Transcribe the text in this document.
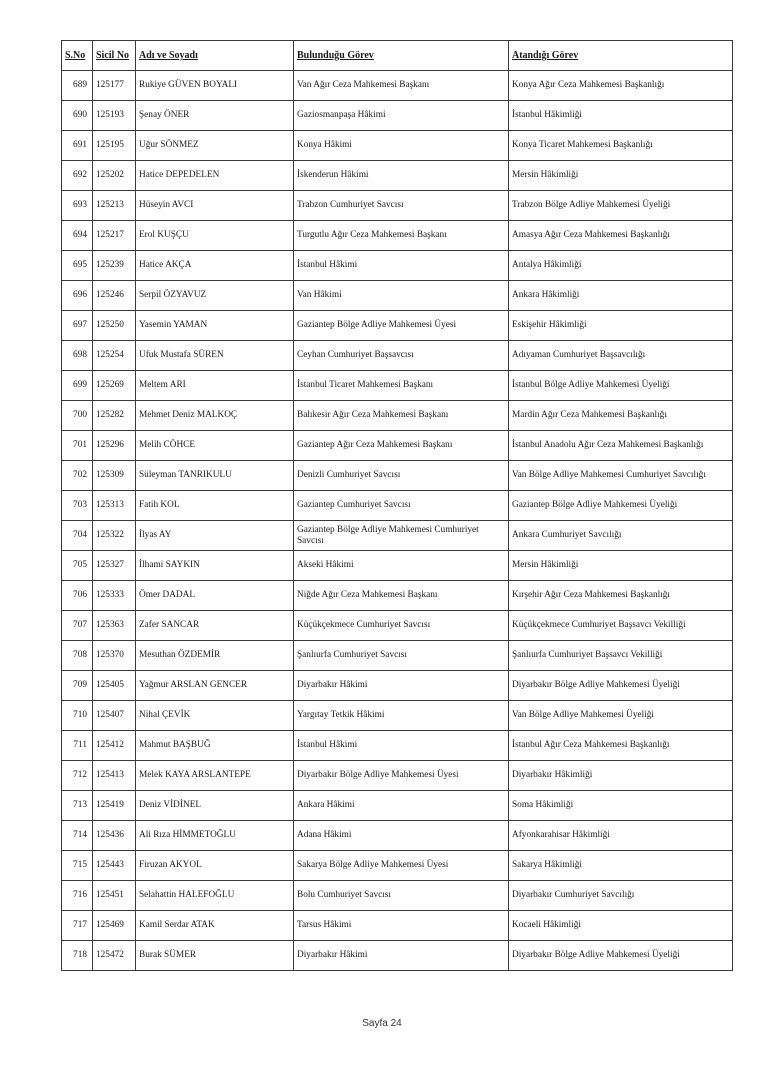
S.No	Sicil No	Adı ve Soyadı	Bulunduğu Görev	Atandığı Görev
689	125177	Rukiye GÜVEN BOYALI	Van Ağır Ceza Mahkemesi Başkanı	Konya Ağır Ceza Mahkemesi Başkanlığı
690	125193	Şenay ÖNER	Gaziosmanpaşa Hâkimi	İstanbul Hâkimliği
691	125195	Uğur SÖNMEZ	Konya Hâkimi	Konya Ticaret Mahkemesi Başkanlığı
692	125202	Hatice DEPEDELEN	İskenderun Hâkimi	Mersin Hâkimliği
693	125213	Hüseyin AVCI	Trabzon Cumhuriyet Savcısı	Trabzon Bölge Adliye Mahkemesi Üyeliği
694	125217	Erol KUŞÇU	Turgutlu Ağır Ceza Mahkemesi Başkanı	Amasya Ağır Ceza Mahkemesi Başkanlığı
695	125239	Hatice AKÇA	İstanbul Hâkimi	Antalya Hâkimliği
696	125246	Serpil ÖZYAVUZ	Van Hâkimi	Ankara Hâkimliği
697	125250	Yasemin YAMAN	Gaziantep Bölge Adliye Mahkemesi Üyesi	Eskişehir Hâkimliği
698	125254	Ufuk Mustafa SÜREN	Ceyhan Cumhuriyet Başsavcısı	Adıyaman Cumhuriyet Başsavcılığı
699	125269	Meltem ARI	İstanbul Ticaret Mahkemesi Başkanı	İstanbul Bölge Adliye Mahkemesi Üyeliği
700	125282	Mehmet Deniz MALKOÇ	Balıkesir Ağır Ceza Mahkemesi Başkanı	Mardin Ağır Ceza Mahkemesi Başkanlığı
701	125296	Melih CÖHCE	Gaziantep Ağır Ceza Mahkemesi Başkanı	İstanbul Anadolu Ağır Ceza Mahkemesi Başkanlığı
702	125309	Süleyman TANRIKULU	Denizli Cumhuriyet Savcısı	Van Bölge Adliye Mahkemesi Cumhuriyet Savcılığı
703	125313	Fatih KOL	Gaziantep Cumhuriyet Savcısı	Gaziantep Bölge Adliye Mahkemesi Üyeliği
704	125322	İlyas AY	Gaziantep Bölge Adliye Mahkemesi Cumhuriyet Savcısı	Ankara Cumhuriyet Savcılığı
705	125327	İlhami SAYKIN	Akseki Hâkimi	Mersin Hâkimliği
706	125333	Ömer DADAL	Niğde Ağır Ceza Mahkemesi Başkanı	Kırşehir Ağır Ceza Mahkemesi Başkanlığı
707	125363	Zafer SANCAR	Küçükçekmece Cumhuriyet Savcısı	Küçükçekmece Cumhuriyet Başsavcı Vekilliği
708	125370	Mesuthan ÖZDEMİR	Şanlıurfa Cumhuriyet Savcısı	Şanlıurfa Cumhuriyet Başsavcı Vekilliği
709	125405	Yağmur ARSLAN GENCER	Diyarbakır Hâkimi	Diyarbakır Bölge Adliye Mahkemesi Üyeliği
710	125407	Nihal ÇEVİK	Yargıtay Tetkik Hâkimi	Van Bölge Adliye Mahkemesi Üyeliği
711	125412	Mahmut BAŞBUĞ	İstanbul Hâkimi	İstanbul Ağır Ceza Mahkemesi Başkanlığı
712	125413	Melek KAYA ARSLANTEPE	Diyarbakır Bölge Adliye Mahkemesi Üyesi	Diyarbakır Hâkimliği
713	125419	Deniz VİDİNEL	Ankara Hâkimi	Soma Hâkimliği
714	125436	Ali Rıza HİMMETOĞLU	Adana Hâkimi	Afyonkarahisar Hâkimliği
715	125443	Firuzan AKYOL	Sakarya Bölge Adliye Mahkemesi Üyesi	Sakarya Hâkimliği
716	125451	Selahattin HALEFOĞLU	Bolu Cumhuriyet Savcısı	Diyarbakır Cumhuriyet Savcılığı
717	125469	Kamil Serdar ATAK	Tarsus Hâkimi	Kocaeli Hâkimliği
718	125472	Burak SÜMER	Diyarbakır Hâkimi	Diyarbakır Bölge Adliye Mahkemesi Üyeliği
Sayfa 24
